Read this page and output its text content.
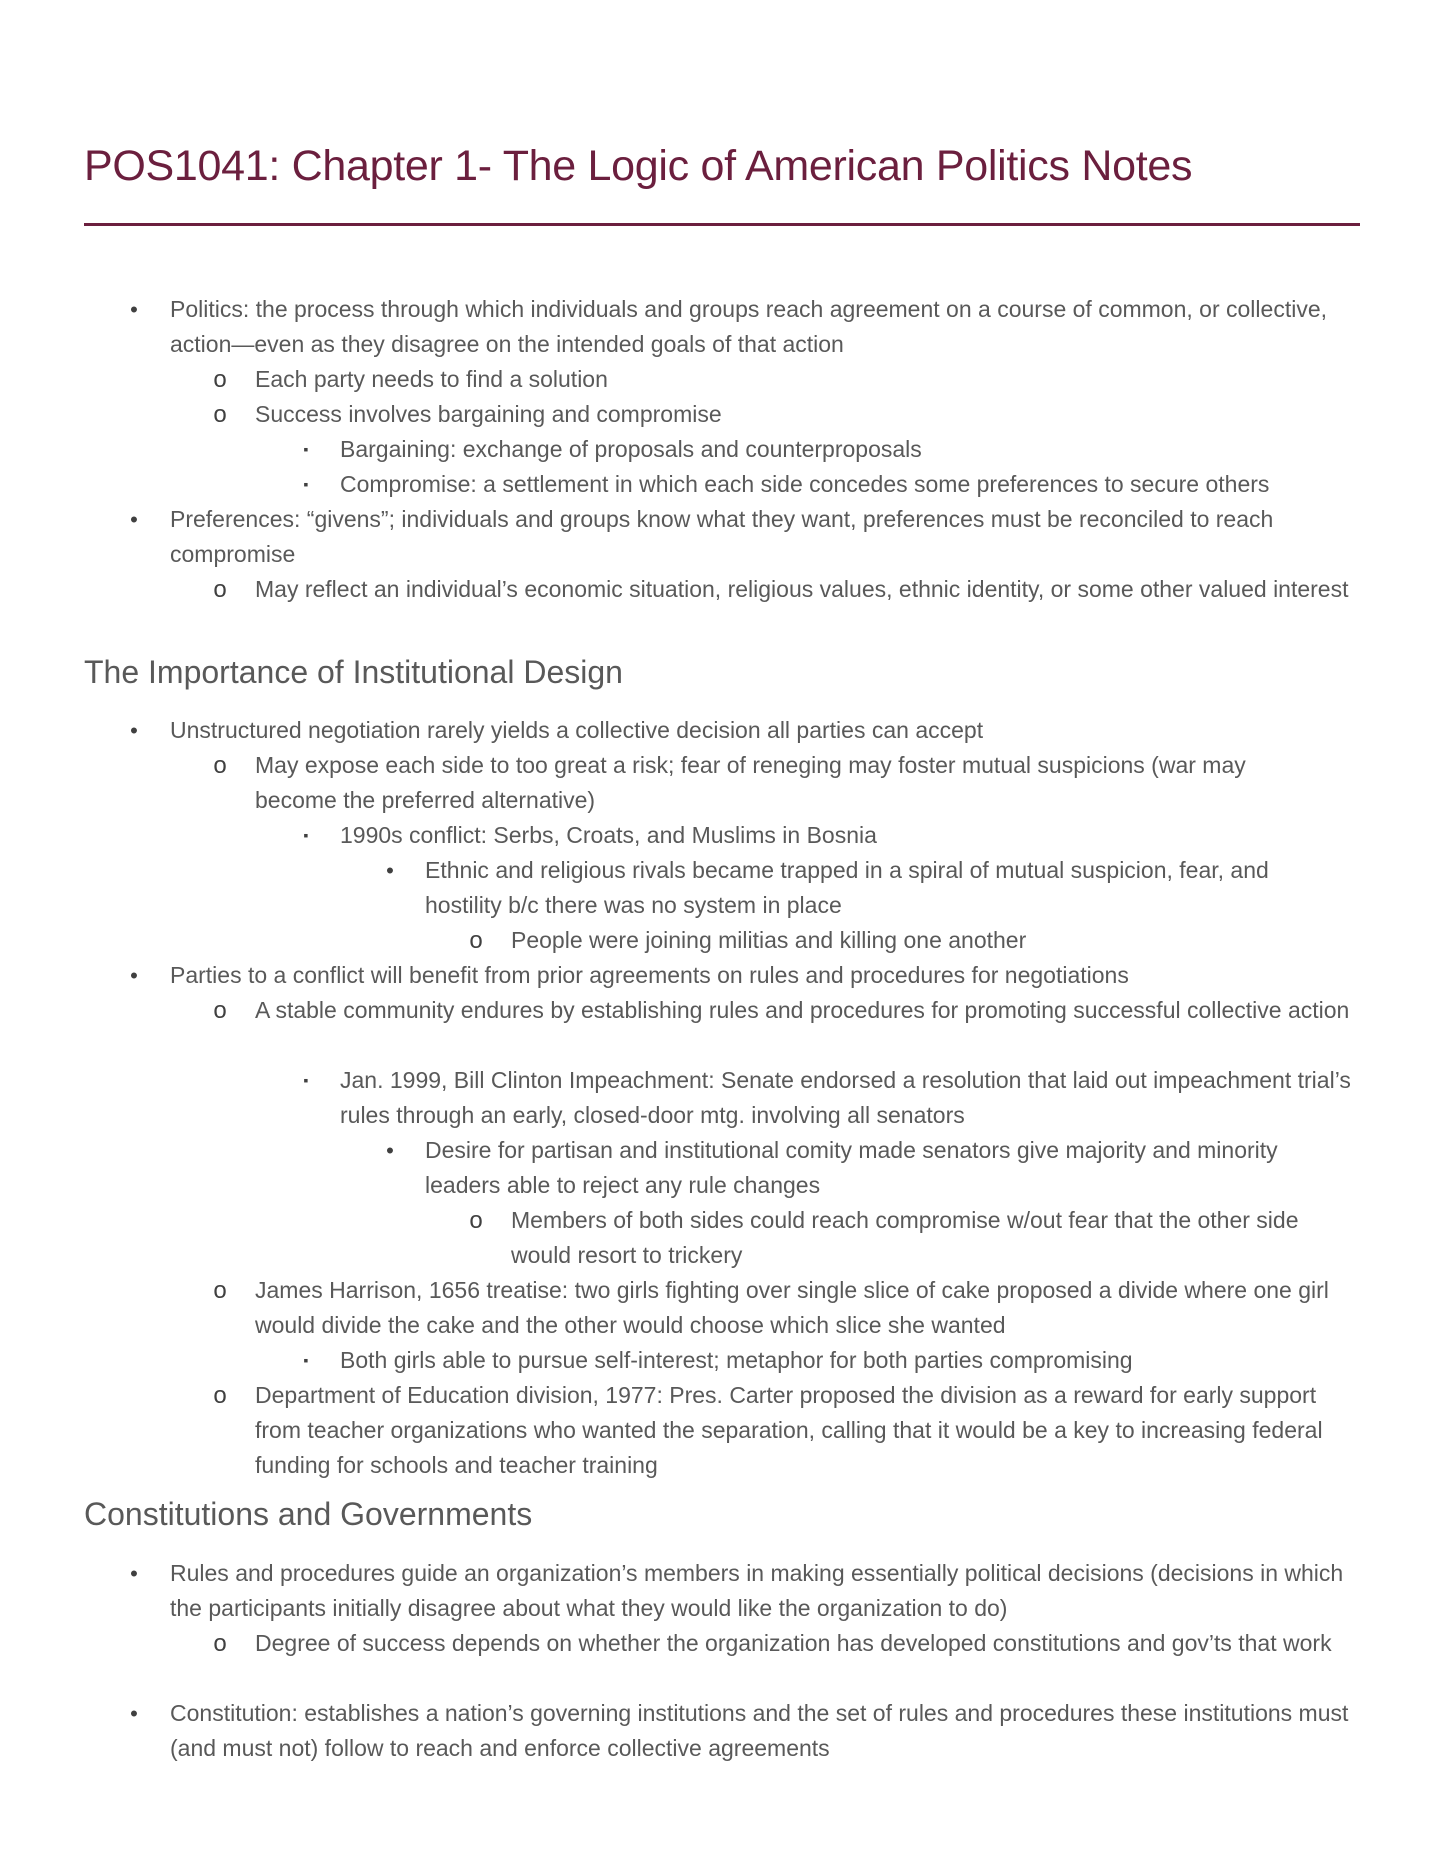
POS1041: Chapter 1- The Logic of American Politics Notes
•	Politics: the process through which individuals and groups reach agreement on a course of common, or collective, action—even as they disagree on the intended goals of that action
o Each party needs to find a solution
o Success involves bargaining and compromise
▪	Bargaining: exchange of proposals and counterproposals
▪	Compromise: a settlement in which each side concedes some preferences to secure others
•	Preferences: “givens”; individuals and groups know what they want, preferences must be reconciled to reach compromise
o May reflect an individual’s economic situation, religious values, ethnic identity, or some other valued interest
The Importance of Institutional Design
•	Unstructured negotiation rarely yields a collective decision all parties can accept
o May expose each side to too great a risk; fear of reneging may foster mutual suspicions (war may become the preferred alternative)
▪	1990s conflict: Serbs, Croats, and Muslims in Bosnia
•	Ethnic and religious rivals became trapped in a spiral of mutual suspicion, fear, and hostility b/c there was no system in place
o People were joining militias and killing one another
•	Parties to a conflict will benefit from prior agreements on rules and procedures for negotiations
o A stable community endures by establishing rules and procedures for promoting successful collective action
▪	Jan. 1999, Bill Clinton Impeachment: Senate endorsed a resolution that laid out impeachment trial’s rules through an early, closed-door mtg. involving all senators
•	Desire for partisan and institutional comity made senators give majority and minority leaders able to reject any rule changes
o Members of both sides could reach compromise w/out fear that the other side would resort to trickery
o James Harrison, 1656 treatise: two girls fighting over single slice of cake proposed a divide where one girl would divide the cake and the other would choose which slice she wanted
▪	Both girls able to pursue self-interest; metaphor for both parties compromising
o Department of Education division, 1977: Pres. Carter proposed the division as a reward for early support from teacher organizations who wanted the separation, calling that it would be a key to increasing federal funding for schools and teacher training
Constitutions and Governments
•	Rules and procedures guide an organization’s members in making essentially political decisions (decisions in which the participants initially disagree about what they would like the organization to do)
o Degree of success depends on whether the organization has developed constitutions and gov’ts that work
•	Constitution: establishes a nation’s governing institutions and the set of rules and procedures these institutions must (and must not) follow to reach and enforce collective agreements
